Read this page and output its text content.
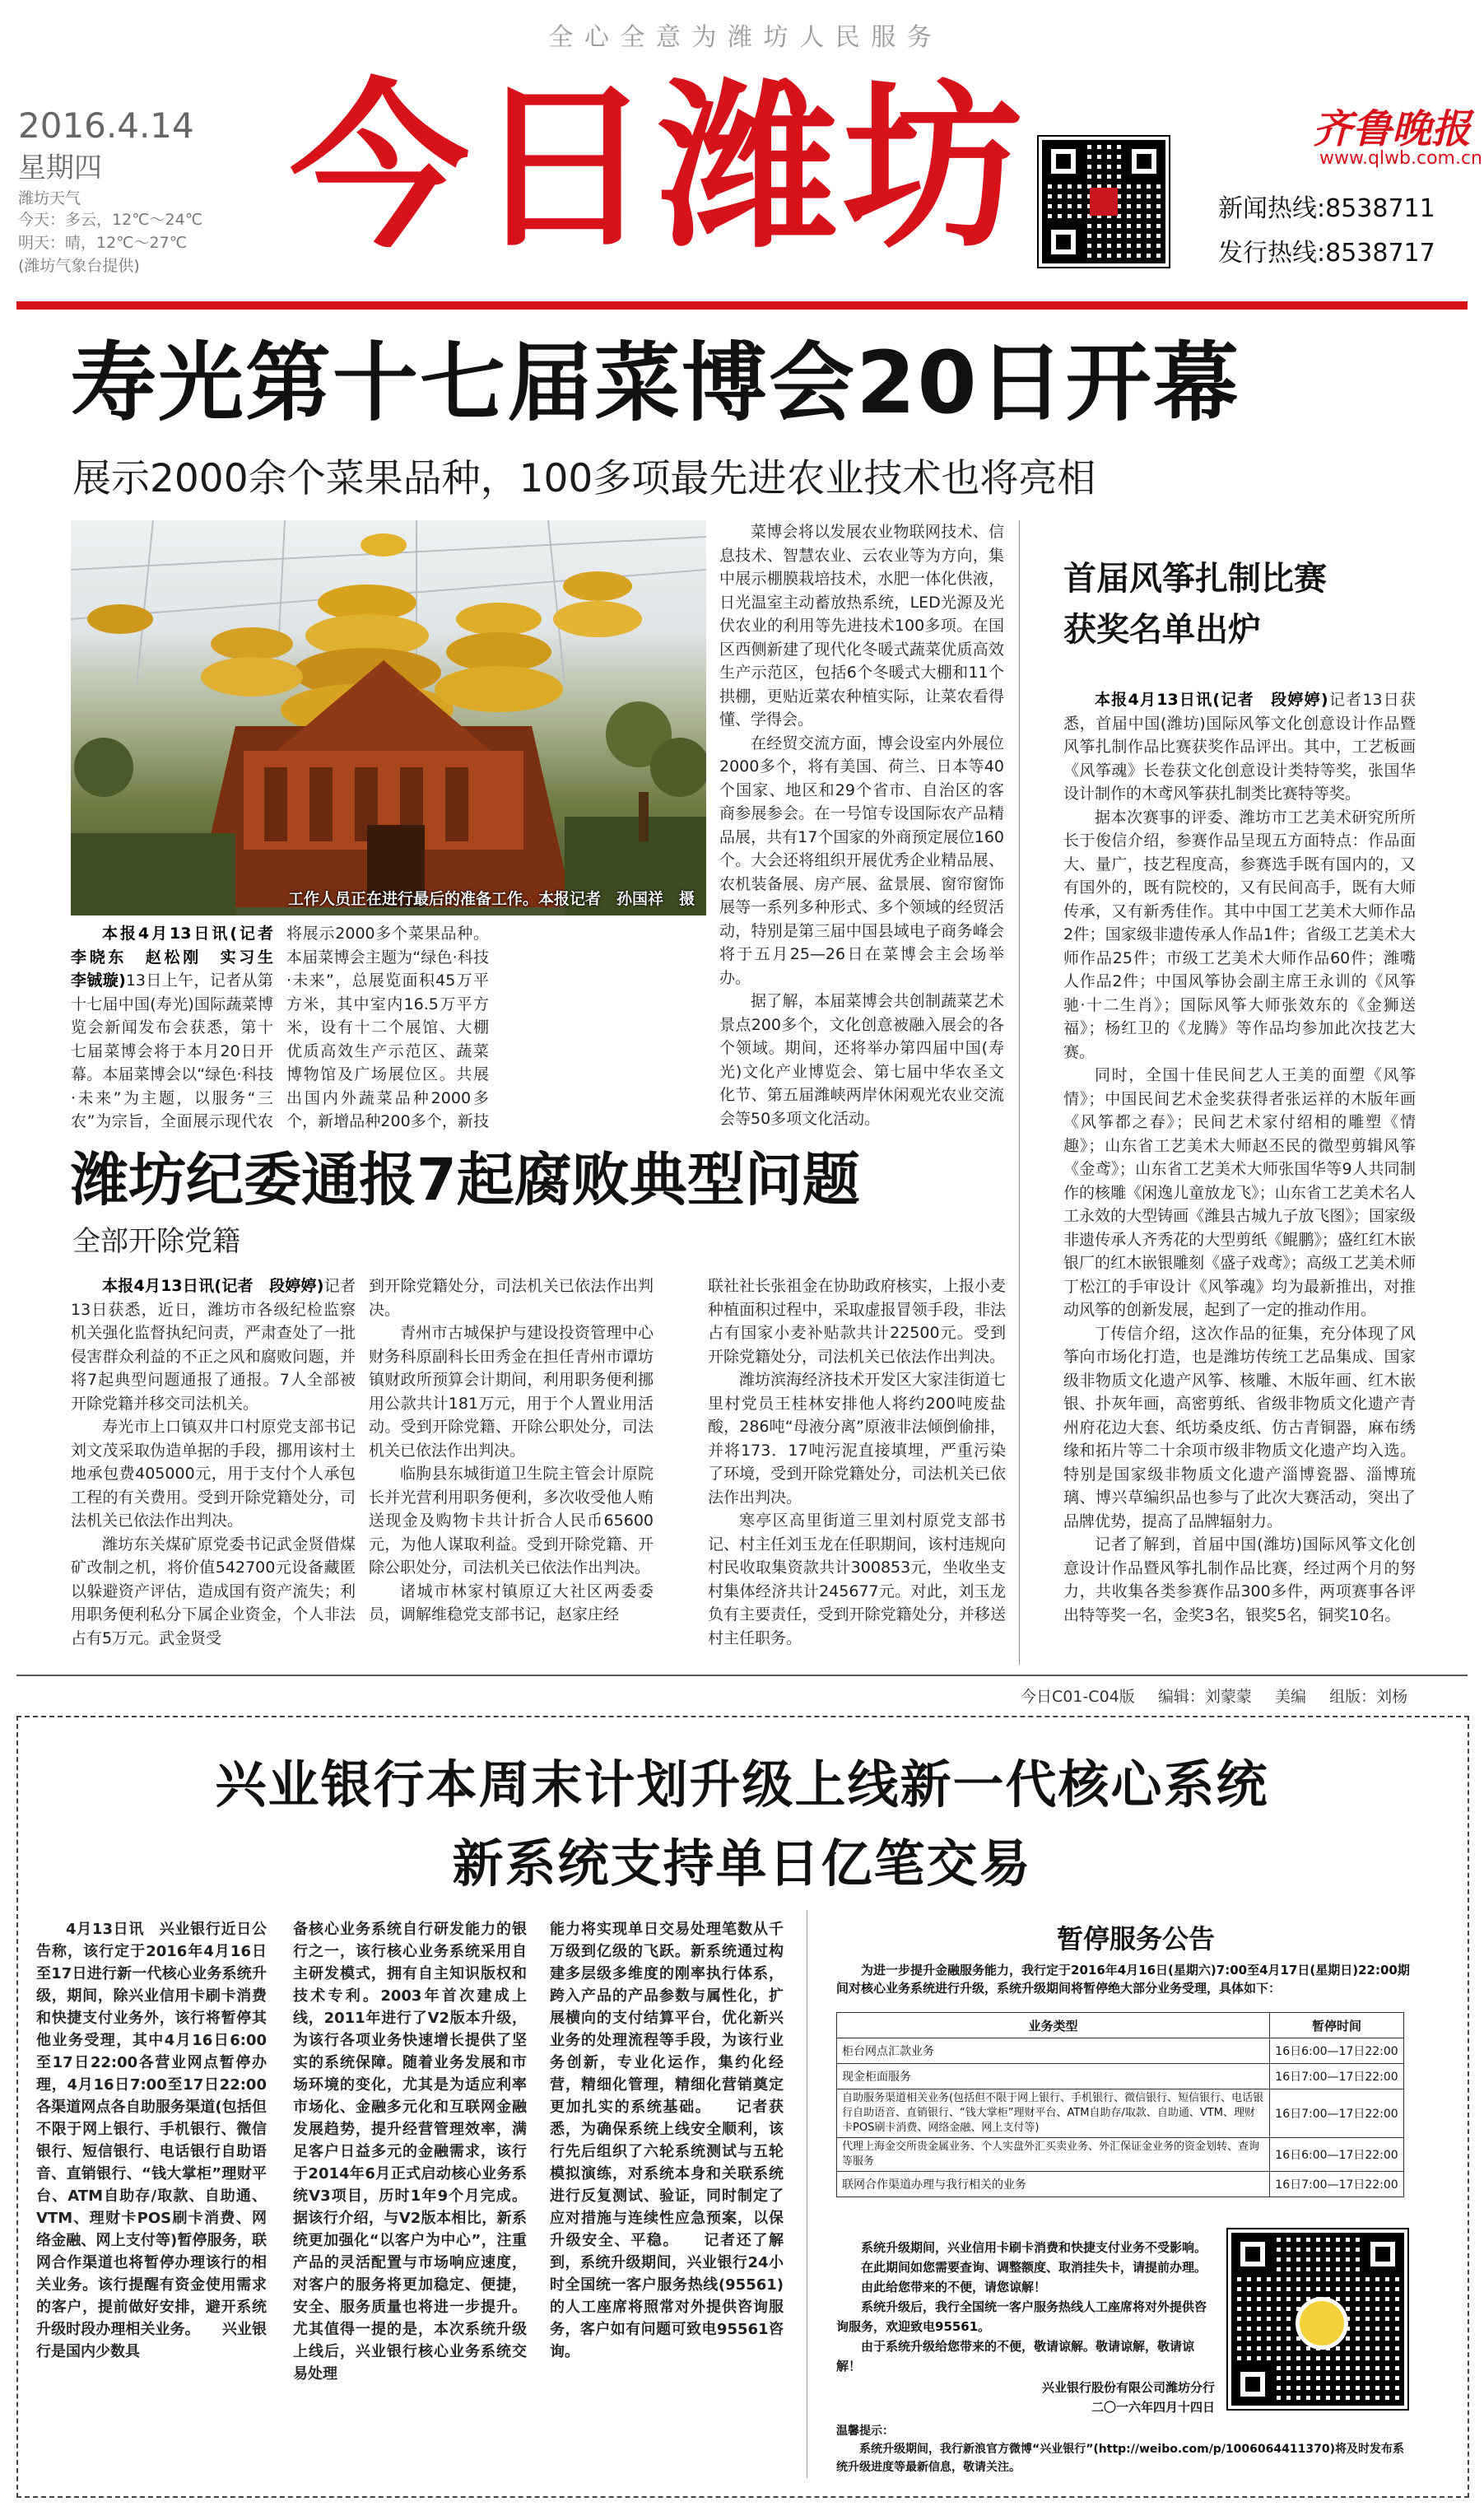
全 心 全 意 为 潍 坊 人 民 服 务
2016.4.14
星期四
潍坊天气
今天：多云，12℃～24℃
明天：晴，12℃～27℃
(潍坊气象台提供) 今日潍坊	齐鲁晚报
www.qlwb.com.cn
新闻热线:8538711
发行热线:8538717
寿光第十七届菜博会20日开幕
展示2000余个菜果品种，100多项最先进农业技术也将亮相
工作人员正在进行最后的准备工作。本报记者　孙国祥　摄

本报4月13日讯(记者　李晓东　赵松刚　实习生　李铖璇)13日上午，记者从第十七届中国(寿光)国际蔬菜博览会新闻发布会获悉，第十七届菜博会将于本月20日开幕。本届菜博会以“绿色·科技·未来”为主题，以服务“三农”为宗旨，全面展示现代农

将展示2000多个菜果品种。本届菜博会主题为“绿色·科技·未来”，总展览面积45万平方米，其中室内16.5万平方米，设有十二个展馆、大棚优质高效生产示范区、蔬菜博物馆及广场展位区。共展出国内外蔬菜品种2000多个，新增品种200多个，新技

菜博会将以发展农业物联网技术、信息技术、智慧农业、云农业等为方向，集中展示棚膜栽培技术，水肥一体化供液，日光温室主动蓄放热系统，LED光源及光伏农业的利用等先进技术100多项。在国区西侧新建了现代化冬暖式蔬菜优质高效生产示范区，包括6个冬暖式大棚和11个拱棚，更贴近菜农种植实际，让菜农看得懂、学得会。

在经贸交流方面，博会设室内外展位2000多个，将有美国、荷兰、日本等40个国家、地区和29个省市、自治区的客商参展参会。在一号馆专设国际农产品精品展，共有17个国家的外商预定展位160个。大会还将组织开展优秀企业精品展、农机装备展、房产展、盆景展、窗帘窗饰展等一系列多种形式、多个领域的经贸活动，特别是第三届中国县域电子商务峰会将于五月25—26日在菜博会主会场举办。

据了解，本届菜博会共创制蔬菜艺术景点200多个，文化创意被融入展会的各个领域。期间，还将举办第四届中国(寿光)文化产业博览会、第七届中华农圣文化节、第五届潍峡两岸休闲观光农业交流会等50多项文化活动。

首届风筝扎制比赛
获奖名单出炉

本报4月13日讯(记者　段婷婷)记者13日获悉，首届中国(潍坊)国际风筝文化创意设计作品暨风筝扎制作品比赛获奖作品评出。其中，工艺板画《风筝魂》长卷获文化创意设计类特等奖，张国华设计制作的木鸢风筝获扎制类比赛特等奖。

据本次赛事的评委、潍坊市工艺美术研究所所长于俊信介绍，参赛作品呈现五方面特点：作品面大、量广，技艺程度高，参赛选手既有国内的，又有国外的，既有院校的，又有民间高手，既有大师传承，又有新秀佳作。其中中国工艺美术大师作品2件；国家级非遗传承人作品1件；省级工艺美术大师作品25件；市级工艺美术大师作品60件；潍嘴人作品2件；中国风筝协会副主席王永训的《风筝驰·十二生肖》；国际风筝大师张效东的《金狮送福》；杨红卫的《龙腾》等作品均参加此次技艺大赛。

同时，全国十佳民间艺人王美的面塑《风筝情》；中国民间艺术金奖获得者张运祥的木版年画《风筝都之春》；民间艺术家付绍相的雕塑《情趣》；山东省工艺美术大师赵丕民的微型剪辑风筝《金鸢》；山东省工艺美术大师张国华等9人共同制作的核雕《闲逸儿童放龙飞》；山东省工艺美术名人工永效的大型铸画《潍县古城九子放飞图》；国家级非遗传承人齐秀花的大型剪纸《鲲鹏》；盛红红木嵌银厂的红木嵌银雕刻《盛子戏鸢》；高级工艺美术师丁松江的手审设计《风筝魂》均为最新推出，对推动风筝的创新发展，起到了一定的推动作用。

丁传信介绍，这次作品的征集，充分体现了风筝向市场化打造，也是潍坊传统工艺品集成、国家级非物质文化遗产风筝、核雕、木版年画、红木嵌银、扑灰年画，高密剪纸、省级非物质文化遗产青州府花边大套、纸坊桑皮纸、仿古青铜器，麻布绣缘和拓片等二十余项市级非物质文化遗产均入选。特别是国家级非物质文化遗产淄博瓷器、淄博琉璃、博兴草编织品也参与了此次大赛活动，突出了品牌优势，提高了品牌辐射力。

记者了解到，首届中国(潍坊)国际风筝文化创意设计作品暨风筝扎制作品比赛，经过两个月的努力，共收集各类参赛作品300多件，两项赛事各评出特等奖一名，金奖3名，银奖5名，铜奖10名。

潍坊纪委通报7起腐败典型问题
全部开除党籍

本报4月13日讯(记者　段婷婷)记者13日获悉，近日，潍坊市各级纪检监察机关强化监督执纪问责，严肃查处了一批侵害群众利益的不正之风和腐败问题，并将7起典型问题通报了通报。7人全部被开除党籍并移交司法机关。

寿光市上口镇双井口村原党支部书记刘文茂采取伪造单据的手段，挪用该村土地承包费405000元，用于支付个人承包工程的有关费用。受到开除党籍处分，司法机关已依法作出判决。

潍坊东关煤矿原党委书记武金贤借煤矿改制之机，将价值542700元设备藏匿以躲避资产评估，造成国有资产流失；利用职务便利私分下属企业资金，个人非法占有5万元。武金贤受

到开除党籍处分，司法机关已依法作出判决。

青州市古城保护与建设投资管理中心财务科原副科长田秀金在担任青州市谭坊镇财政所预算会计期间，利用职务便利挪用公款共计181万元，用于个人置业用活动。受到开除党籍、开除公职处分，司法机关已依法作出判决。

临朐县东城街道卫生院主管会计原院长并光营利用职务便利，多次收受他人贿送现金及购物卡共计折合人民币65600元，为他人谋取利益。受到开除党籍、开除公职处分，司法机关已依法作出判决。

诸城市林家村镇原辽大社区两委委员，调解维稳党支部书记，赵家庄经

联社社长张祖金在协助政府核实，上报小麦种植面积过程中，采取虚报冒领手段，非法占有国家小麦补贴款共计22500元。受到开除党籍处分，司法机关已依法作出判决。

潍坊滨海经济技术开发区大家洼街道七里村党员王桂林安排他人将约200吨废盐酸，286吨“母液分离”原液非法倾倒偷排，并将173．17吨污泥直接填埋，严重污染了环境，受到开除党籍处分，司法机关已依法作出判决。

寒亭区高里街道三里刘村原党支部书记、村主任刘玉龙在任职期间，该村违规向村民收取集资款共计300853元，坐收坐支村集体经济共计245677元。对此，刘玉龙负有主要责任，受到开除党籍处分，并移送村主任职务。

今日C01-C04版 编辑：刘蒙蒙 美编 组版：刘杨
兴业银行本周末计划升级上线新一代核心系统
新系统支持单日亿笔交易

4月13日讯　兴业银行近日公告称，该行定于2016年4月16日至17日进行新一代核心业务系统升级，期间，除兴业信用卡刷卡消费和快捷支付业务外，该行将暂停其他业务受理，其中4月16日6:00至17日22:00各营业网点暂停办理，4月16日7:00至17日22:00各渠道网点各自助服务渠道(包括但不限于网上银行、手机银行、微信银行、短信银行、电话银行自助语音、直销银行、“钱大掌柜”理财平台、ATM自助存/取款、自助通、VTM、理财卡POS刷卡消费、网络金融、网上支付等)暂停服务，联网合作渠道也将暂停办理该行的相关业务。该行提醒有资金使用需求的客户，提前做好安排，避开系统升级时段办理相关业务。　　兴业银行是国内少数具

备核心业务系统自行研发能力的银行之一，该行核心业务系统采用自主研发模式，拥有自主知识版权和技术专利。2003年首次建成上线，2011年进行了V2版本升级，为该行各项业务快速增长提供了坚实的系统保障。随着业务发展和市场环境的变化，尤其是为适应利率市场化、金融多元化和互联网金融发展趋势，提升经营管理效率，满足客户日益多元的金融需求，该行于2014年6月正式启动核心业务系统V3项目，历时1年9个月完成。据该行介绍，与V2版本相比，新系统更加强化“以客户为中心”，注重产品的灵活配置与市场响应速度，对客户的服务将更加稳定、便捷，安全、服务质量也将进一步提升。尤其值得一提的是，本次系统升级上线后，兴业银行核心业务系统交易处理

能力将实现单日交易处理笔数从千万级到亿级的飞跃。新系统通过构建多层级多维度的刚率执行体系，跨入产品的产品参数与属性化，扩展横向的支付结算平台，优化新兴业务的处理流程等手段，为该行业务创新，专业化运作，集约化经营，精细化管理，精细化营销奠定更加扎实的系统基础。　　记者获悉，为确保系统上线安全顺利，该行先后组织了六轮系统测试与五轮模拟演练，对系统本身和关联系统进行反复测试、验证，同时制定了应对措施与连续性应急预案，以保升级安全、平稳。　　记者还了解到，系统升级期间，兴业银行24小时全国统一客户服务热线(95561)的人工座席将照常对外提供咨询服务，客户如有问题可致电95561咨询。

暂停服务公告
为进一步提升金融服务能力，我行定于2016年4月16日(星期六)7:00至4月17日(星期日)22:00期间对核心业务系统进行升级，系统升级期间将暂停绝大部分业务受理，具体如下：
业务类型	暂停时间
柜台网点汇款业务	16日6:00—17日22:00
现金柜面服务	16日7:00—17日22:00
自助服务渠道相关业务(包括但不限于网上银行、手机银行、微信银行、短信银行、电话银行自助语音、直销银行、“钱大掌柜”理财平台、ATM自助存/取款、自助通、VTM、理财卡POS刷卡消费、网络金融、网上支付等)	16日7:00—17日22:00
代理上海金交所贵金属业务、个人实盘外汇买卖业务、外汇保证金业务的资金划转、查询等服务	16日6:00—17日22:00
联网合作渠道办理与我行相关的业务	16日7:00—17日22:00
系统升级期间，兴业信用卡刷卡消费和快捷支付业务不受影响。
在此期间如您需要查询、调整额度、取消挂失卡，请提前办理。
由此给您带来的不便，请您谅解！
系统升级后，我行全国统一客户服务热线人工座席将对外提供咨询服务，欢迎致电95561。
由于系统升级给您带来的不便，敬请谅解。敬请谅解，敬请谅解！
兴业银行股份有限公司潍坊分行
二〇一六年四月十四日
温馨提示：
系统升级期间，我行新浪官方微博“兴业银行”(http://weibo.com/p/1006064411370)将及时发布系统升级进度等最新信息，敬请关注。
